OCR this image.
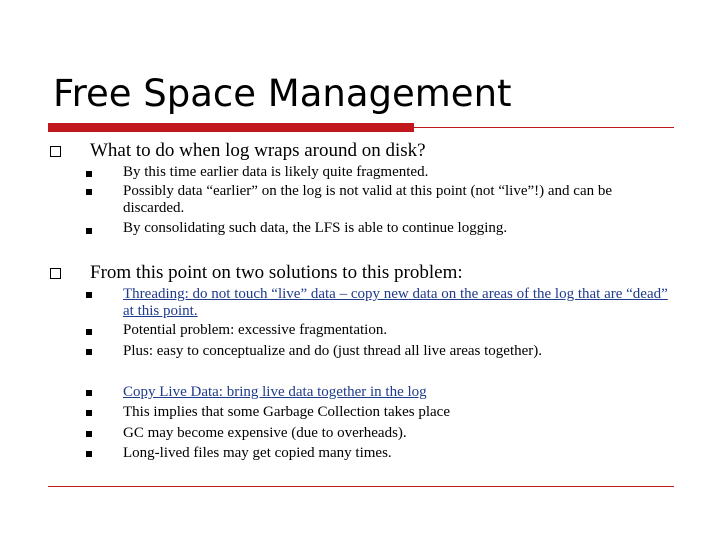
Free Space Management
What to do when log wraps around on disk?
By this time earlier data is likely quite fragmented.
Possibly data “earlier” on the log is not valid at this point (not “live”!) and can be discarded.
By consolidating such data, the LFS is able to continue logging.
From this point on two solutions to this problem:
Threading: do not touch “live” data – copy new data on the areas of the log that are “dead” at this point.
Potential problem: excessive fragmentation.
Plus: easy to conceptualize and do (just thread all live areas together).
Copy Live Data: bring live data together in the log
This implies that some Garbage Collection takes place
GC may become expensive (due to overheads).
Long-lived files may get copied many times.
